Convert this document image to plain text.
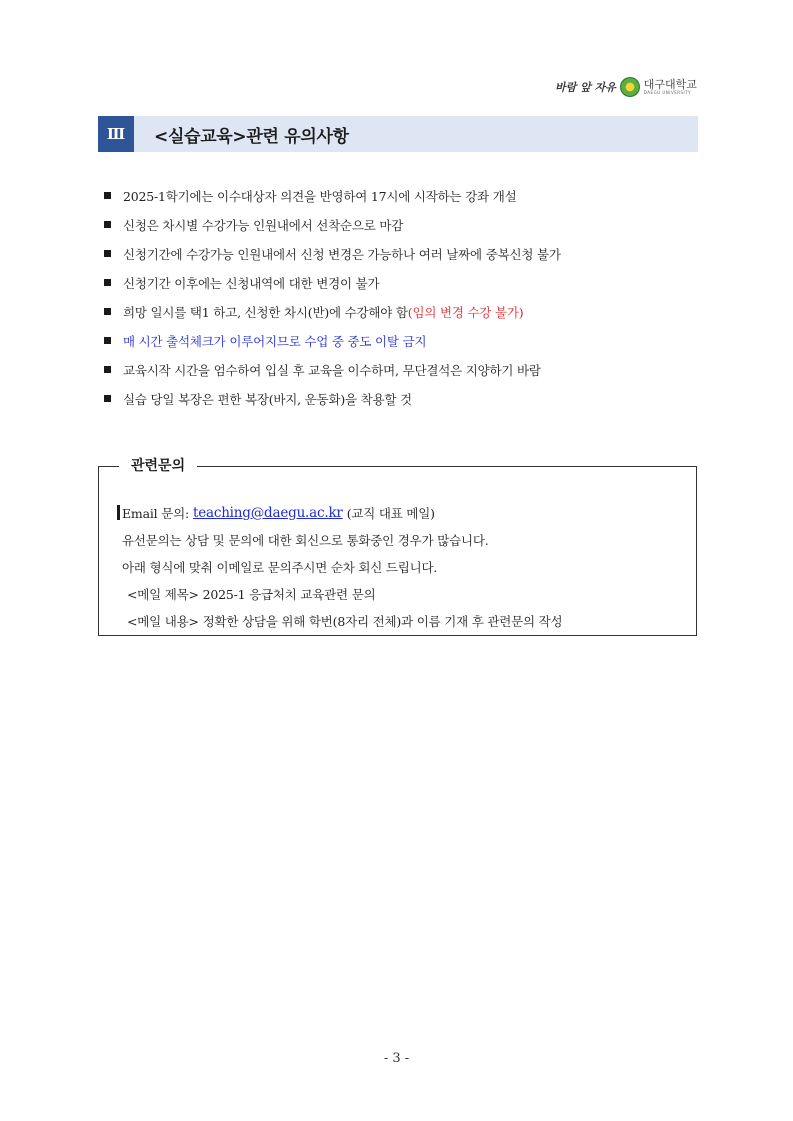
바람 앞 자유	대구대학교
DAEGU UNIVERSITY
Ⅲ	<실습교육>관련 유의사항
2025-1학기에는 이수대상자 의견을 반영하여 17시에 시작하는 강좌 개설
신청은 차시별 수강가능 인원내에서 선착순으로 마감
신청기간에 수강가능 인원내에서 신청 변경은 가능하나 여러 날짜에 중복신청 불가
신청기간 이후에는 신청내역에 대한 변경이 불가
희망 일시를 택1 하고, 신청한 차시(반)에 수강해야 함 (임의 변경 수강 불가)
매 시간 출석체크가 이루어지므로 수업 중 중도 이탈 금지
교육시작 시간을 엄수하여 입실 후 교육을 이수하며, 무단결석은 지양하기 바람
실습 당일 복장은 편한 복장(바지, 운동화)을 착용할 것
관련문의
Email 문의: teaching@daegu.ac.kr (교직 대표 메일)
유선문의는 상담 및 문의에 대한 회신으로 통화중인 경우가 많습니다.
아래 형식에 맞춰 이메일로 문의주시면 순차 회신 드립니다.
<메일 제목> 2025-1 응급처치 교육관련 문의
<메일 내용> 정확한 상담을 위해 학번(8자리 전체)과 이름 기재 후 관련문의 작성
- 3 -
